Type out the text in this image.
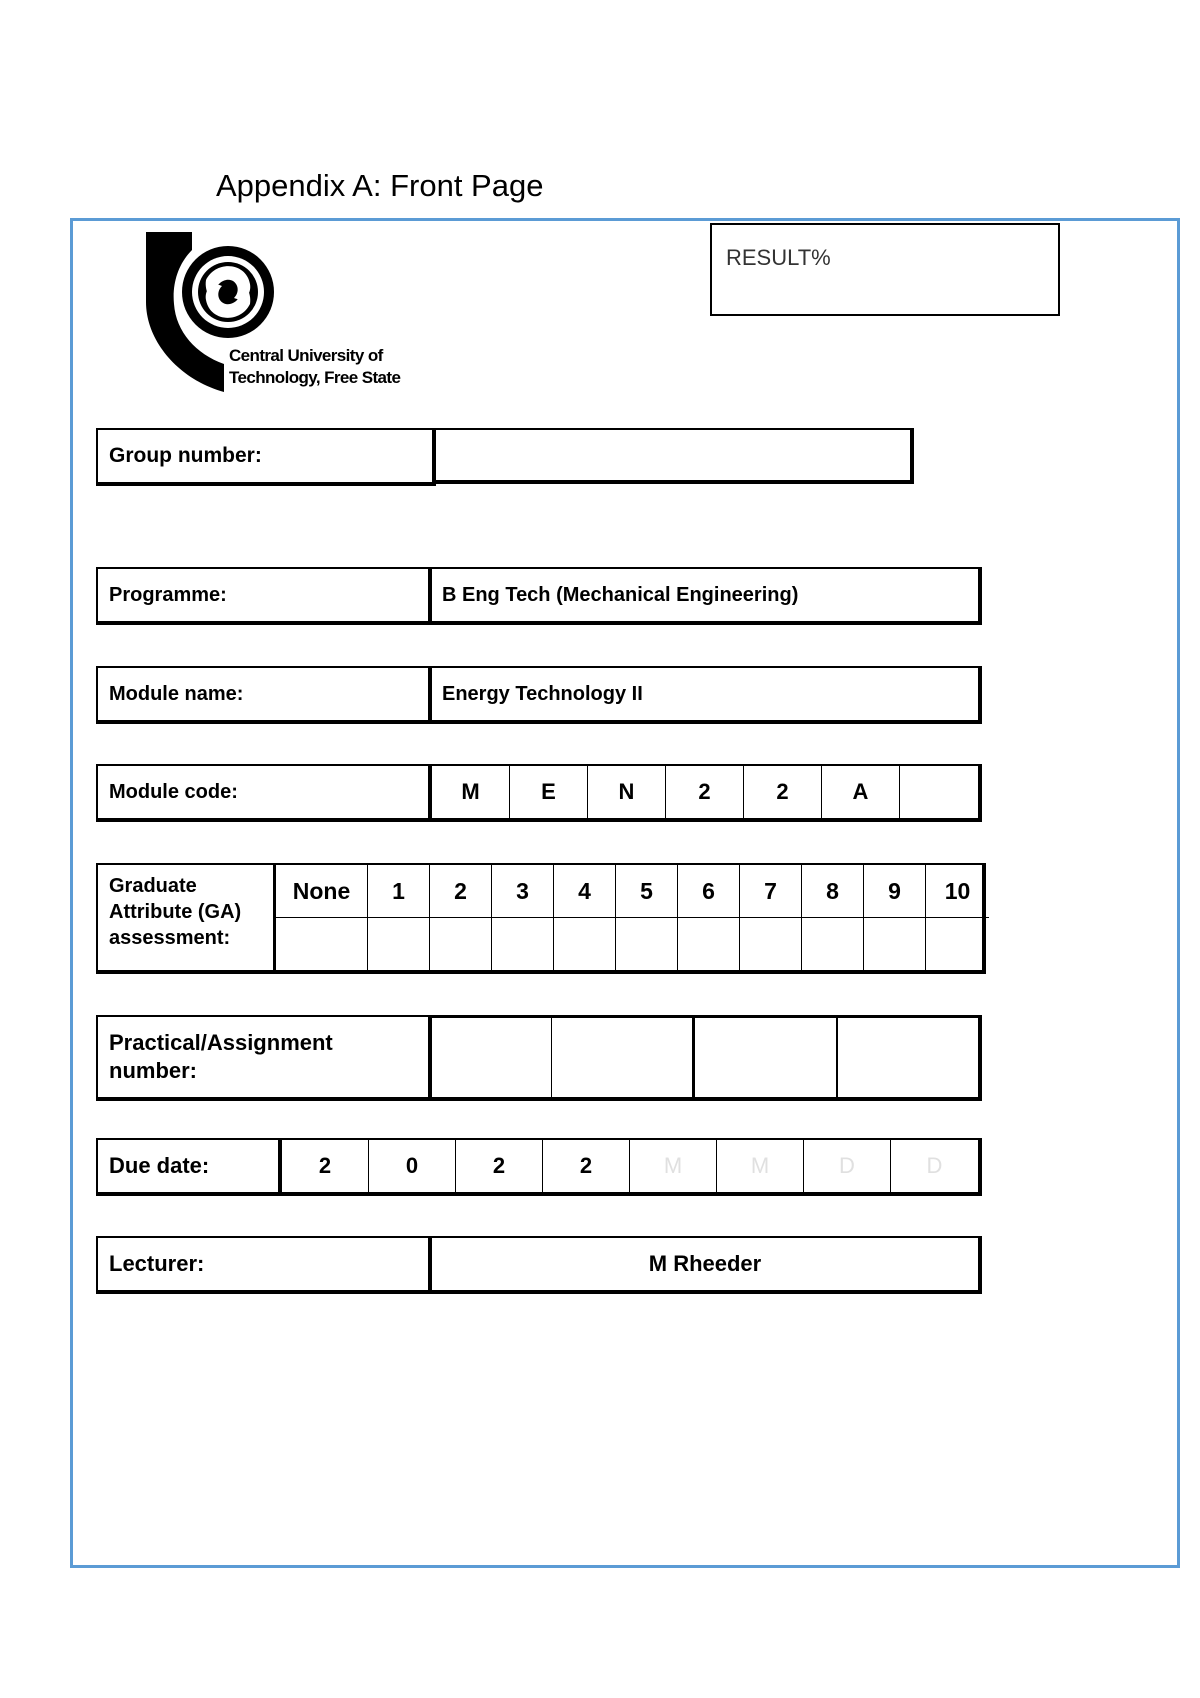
Appendix A: Front Page
Central University of
Technology, Free State
RESULT%
Group number:
Programme:	B Eng Tech (Mechanical Engineering)
Module name:	Energy Technology II
Module code:	M	E	N	2	2	A
Graduate
Attribute (GA)
assessment:
None	1	2	3	4	5	6	7	8	9	10
Practical/Assignment
number:
Due date:	2	0	2	2	M	M	D	D
Lecturer:	M Rheeder
